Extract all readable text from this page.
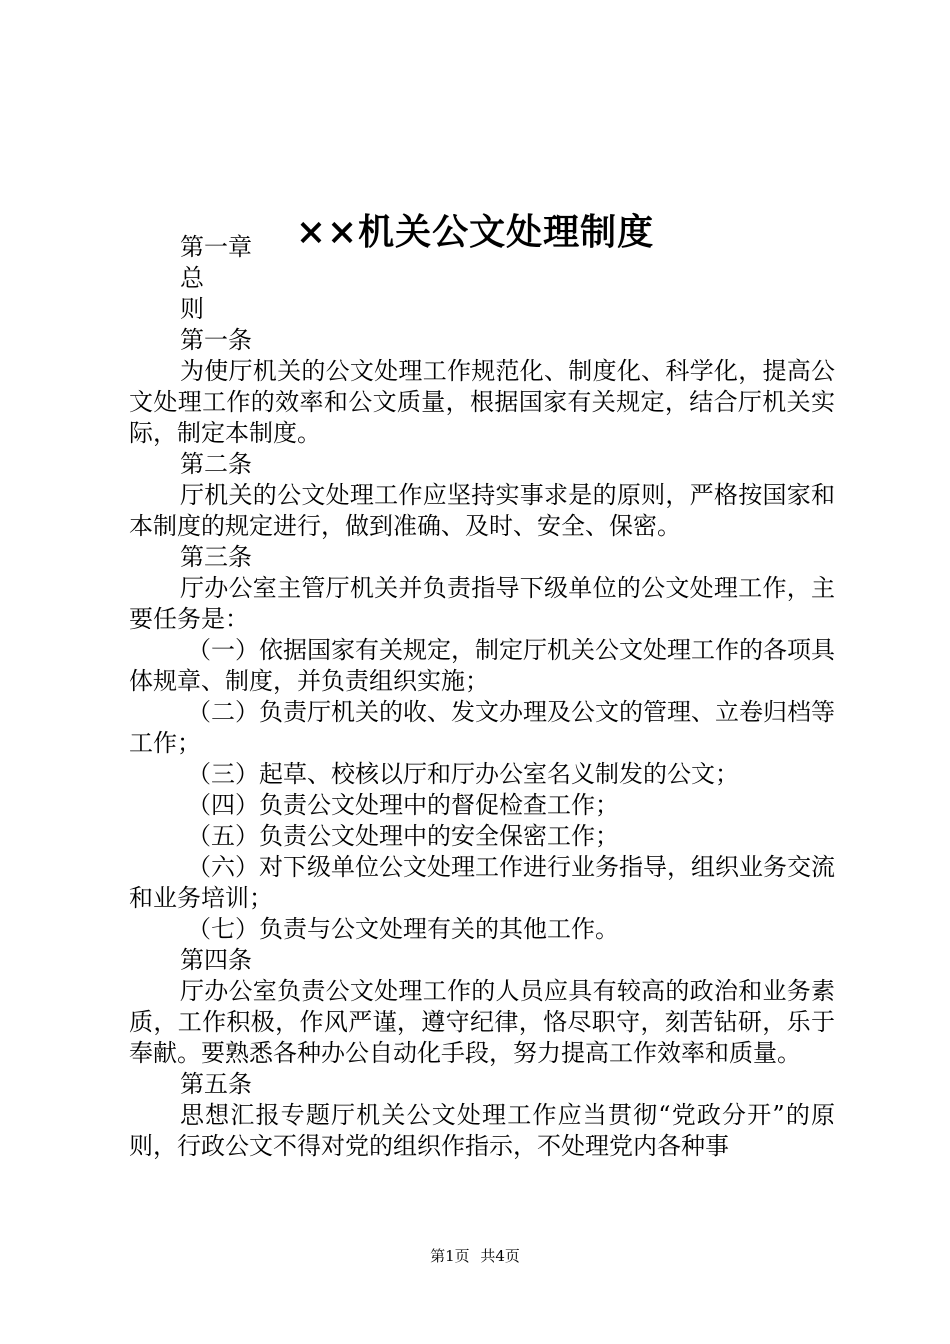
××机关公文处理制度

第一章

总

则

第一条

为使厅机关的公文处理工作规范化、制度化、科学化，提高公文处理工作的效率和公文质量，根据国家有关规定，结合厅机关实际，制定本制度。

第二条

厅机关的公文处理工作应坚持实事求是的原则，严格按国家和本制度的规定进行，做到准确、及时、安全、保密。

第三条

厅办公室主管厅机关并负责指导下级单位的公文处理工作，主要任务是：

（一）依据国家有关规定，制定厅机关公文处理工作的各项具体规章、制度，并负责组织实施；

（二）负责厅机关的收、发文办理及公文的管理、立卷归档等工作；

（三）起草、校核以厅和厅办公室名义制发的公文；

（四）负责公文处理中的督促检查工作；

（五）负责公文处理中的安全保密工作；

（六）对下级单位公文处理工作进行业务指导，组织业务交流和业务培训；

（七）负责与公文处理有关的其他工作。

第四条

厅办公室负责公文处理工作的人员应具有较高的政治和业务素质，工作积极，作风严谨，遵守纪律，恪尽职守，刻苦钻研，乐于奉献。要熟悉各种办公自动化手段，努力提高工作效率和质量。

第五条

思想汇报专题厅机关公文处理工作应当贯彻“党政分开”的原则，行政公文不得对党的组织作指示，不处理党内各种事

第1页 共4页
